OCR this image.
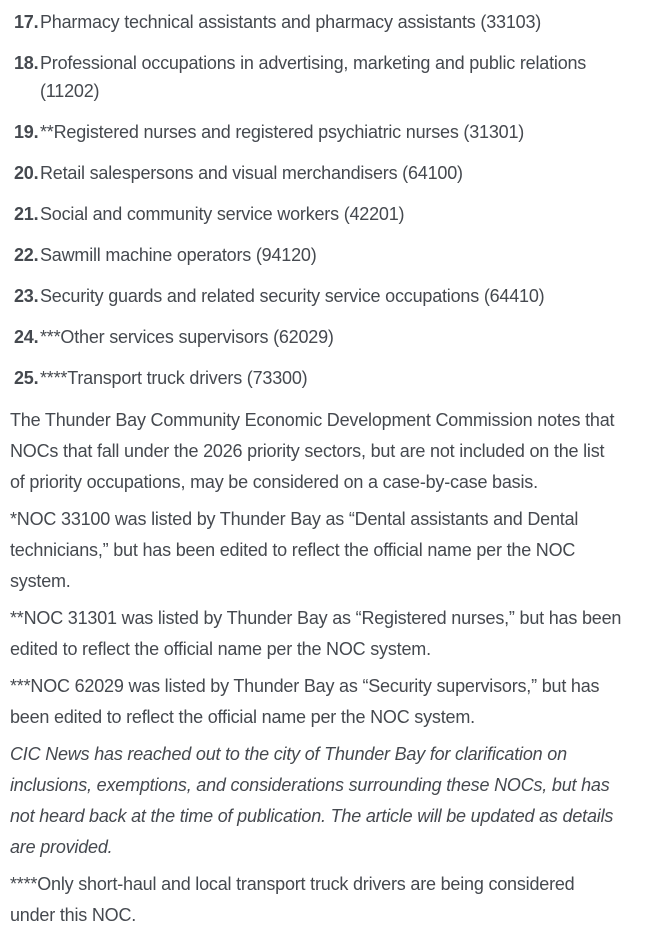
17. Pharmacy technical assistants and pharmacy assistants (33103)
18. Professional occupations in advertising, marketing and public relations
(11202)
19. **Registered nurses and registered psychiatric nurses (31301)
20. Retail salespersons and visual merchandisers (64100)
21. Social and community service workers (42201)
22. Sawmill machine operators (94120)
23. Security guards and related security service occupations (64410)
24. ***Other services supervisors (62029)
25. ****Transport truck drivers (73300)

The Thunder Bay Community Economic Development Commission notes that
NOCs that fall under the 2026 priority sectors, but are not included on the list
of priority occupations, may be considered on a case-by-case basis.

*NOC 33100 was listed by Thunder Bay as “Dental assistants and Dental
technicians,” but has been edited to reflect the official name per the NOC
system.

**NOC 31301 was listed by Thunder Bay as “Registered nurses,” but has been
edited to reflect the official name per the NOC system.

***NOC 62029 was listed by Thunder Bay as “Security supervisors,” but has
been edited to reflect the official name per the NOC system.

CIC News has reached out to the city of Thunder Bay for clarification on
inclusions, exemptions, and considerations surrounding these NOCs, but has
not heard back at the time of publication. The article will be updated as details
are provided.

****Only short-haul and local transport truck drivers are being considered
under this NOC.
